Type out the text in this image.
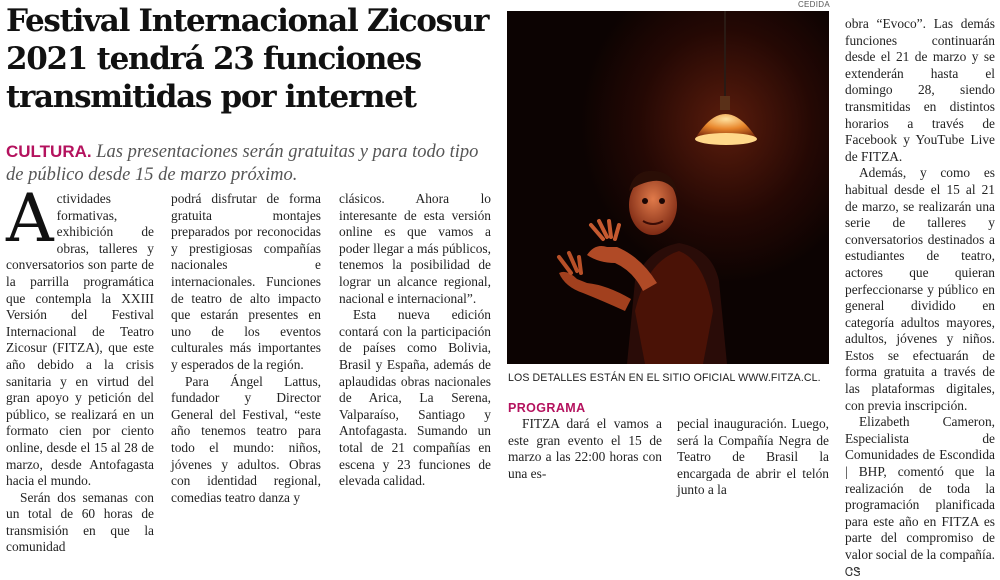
Festival Internacional Zicosur 2021 tendrá 23 funciones transmitidas por internet
CULTURA. Las presentaciones serán gratuitas y para todo tipo de público desde 15 de marzo próximo.

Actividades formativas, exhibición de obras, talleres y conversatorios son parte de la parrilla programática que contempla la XXIII Versión del Festival Internacional de Teatro Zicosur (FITZA), que este año debido a la crisis sanitaria y en virtud del gran apoyo y petición del público, se realizará en un formato cien por ciento online, desde el 15 al 28 de marzo, desde Antofagasta hacia el mundo.

Serán dos semanas con un total de 60 horas de transmisión en que la comunidad

podrá disfrutar de forma gratuita montajes preparados por reconocidas y prestigiosas compañías nacionales e internacionales. Funciones de teatro de alto impacto que estarán presentes en uno de los eventos culturales más importantes y esperados de la región.

Para Ángel Lattus, fundador y Director General del Festival, “este año tenemos teatro para todo el mundo: niños, jóvenes y adultos. Obras con identidad regional, comedias teatro danza y

clásicos. Ahora lo interesante de esta versión online es que vamos a poder llegar a más públicos, tenemos la posibilidad de lograr un alcance regional, nacional e internacional”.

Esta nueva edición contará con la participación de países como Bolivia, Brasil y España, además de aplaudidas obras nacionales de Arica, La Serena, Valparaíso, Santiago y Antofagasta. Sumando un total de 21 compañías en escena y 23 funciones de elevada calidad.

CEDIDA
LOS DETALLES ESTÁN EN EL SITIO OFICIAL WWW.FITZA.CL.
PROGRAMA

FITZA dará el vamos a este gran evento el 15 de marzo a las 22:00 horas con una es-

pecial inauguración. Luego, será la Compañía Negra de Teatro de Brasil la encargada de abrir el telón junto a la

obra “Evoco”. Las demás funciones continuarán desde el 21 de marzo y se extenderán hasta el domingo 28, siendo transmitidas en distintos horarios a través de Facebook y YouTube Live de FITZA.

Además, y como es habitual desde el 15 al 21 de marzo, se realizarán una serie de talleres y conversatorios destinados a estudiantes de teatro, actores que quieran perfeccionarse y público en general dividido en categoría adultos mayores, adultos, jóvenes y niños. Estos se efectuarán de forma gratuita a través de las plataformas digitales, con previa inscripción.

Elizabeth Cameron, Especialista de Comunidades de Escondida | BHP, comentó que la realización de toda la programación planificada para este año en FITZA es parte del compromiso de valor social de la compañía. ᏣᏕ
